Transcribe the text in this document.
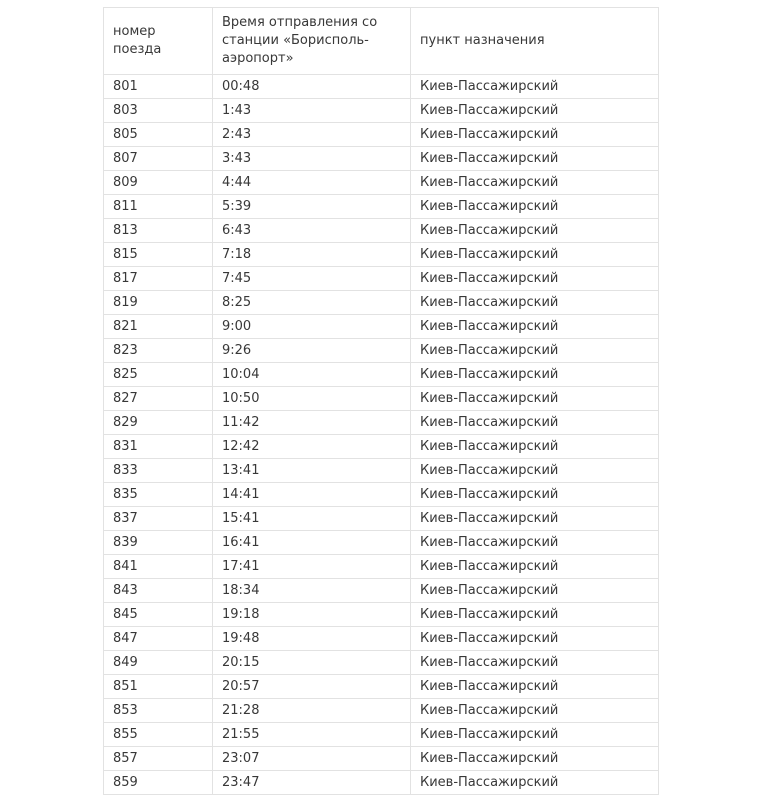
номер поезда	Время отправления со станции «Борисполь-аэропорт»	пункт назначения
801	00:48	Киев-Пассажирский
803	1:43	Киев-Пассажирский
805	2:43	Киев-Пассажирский
807	3:43	Киев-Пассажирский
809	4:44	Киев-Пассажирский
811	5:39	Киев-Пассажирский
813	6:43	Киев-Пассажирский
815	7:18	Киев-Пассажирский
817	7:45	Киев-Пассажирский
819	8:25	Киев-Пассажирский
821	9:00	Киев-Пассажирский
823	9:26	Киев-Пассажирский
825	10:04	Киев-Пассажирский
827	10:50	Киев-Пассажирский
829	11:42	Киев-Пассажирский
831	12:42	Киев-Пассажирский
833	13:41	Киев-Пассажирский
835	14:41	Киев-Пассажирский
837	15:41	Киев-Пассажирский
839	16:41	Киев-Пассажирский
841	17:41	Киев-Пассажирский
843	18:34	Киев-Пассажирский
845	19:18	Киев-Пассажирский
847	19:48	Киев-Пассажирский
849	20:15	Киев-Пассажирский
851	20:57	Киев-Пассажирский
853	21:28	Киев-Пассажирский
855	21:55	Киев-Пассажирский
857	23:07	Киев-Пассажирский
859	23:47	Киев-Пассажирский
